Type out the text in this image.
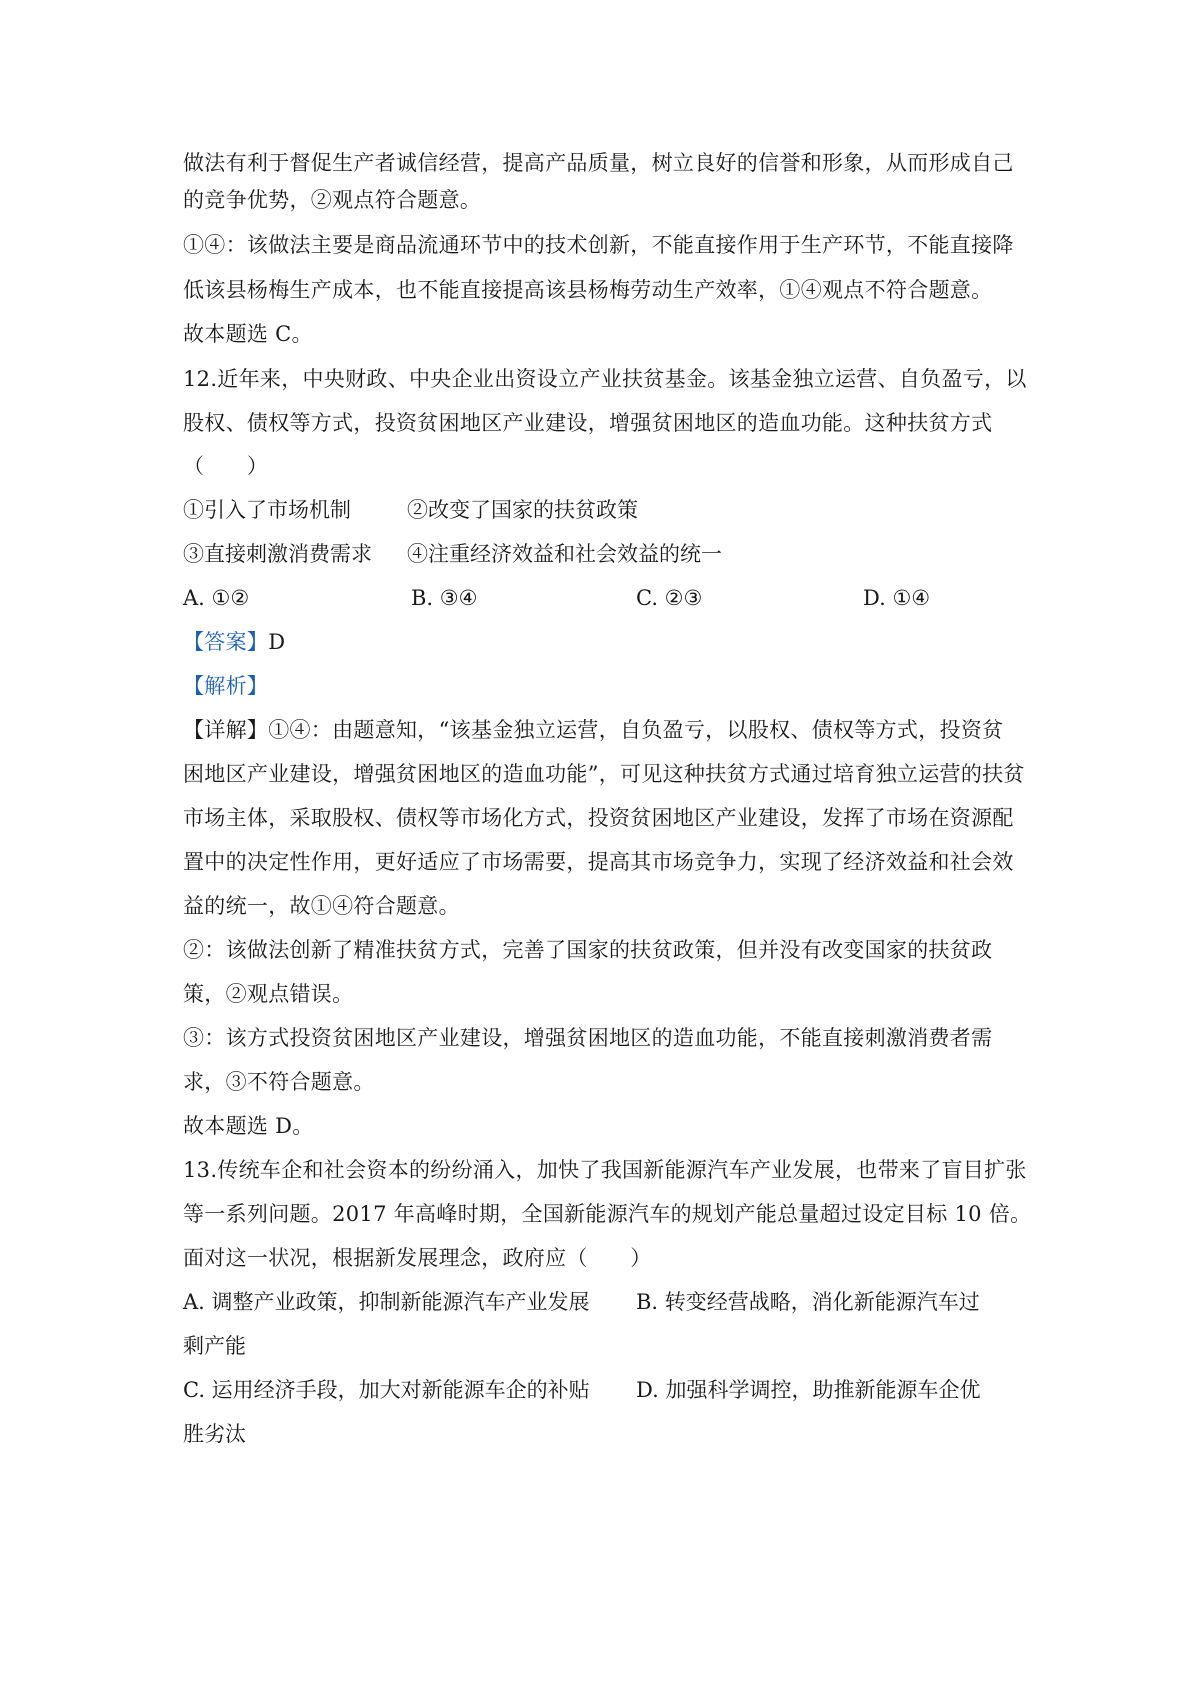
做法有利于督促生产者诚信经营，提高产品质量，树立良好的信誉和形象，从而形成自己
的竞争优势，②观点符合题意。
①④：该做法主要是商品流通环节中的技术创新，不能直接作用于生产环节，不能直接降
低该县杨梅生产成本，也不能直接提高该县杨梅劳动生产效率，①④观点不符合题意。
故本题选 C。
12.近年来，中央财政、中央企业出资设立产业扶贫基金。该基金独立运营、自负盈亏，以
股权、债权等方式，投资贫困地区产业建设，增强贫困地区的造血功能。这种扶贫方式
（　　）
①引入了市场机制	②改变了国家的扶贫政策
③直接刺激消费需求 ④注重经济效益和社会效益的统一
A. ①②	B. ③④	C. ②③	D. ①④
【答案】D
【解析】
【详解】①④：由题意知，“该基金独立运营，自负盈亏，以股权、债权等方式，投资贫
困地区产业建设，增强贫困地区的造血功能”，可见这种扶贫方式通过培育独立运营的扶贫
市场主体，采取股权、债权等市场化方式，投资贫困地区产业建设，发挥了市场在资源配
置中的决定性作用，更好适应了市场需要，提高其市场竞争力，实现了经济效益和社会效
益的统一，故①④符合题意。
②：该做法创新了精准扶贫方式，完善了国家的扶贫政策，但并没有改变国家的扶贫政
策，②观点错误。
③：该方式投资贫困地区产业建设，增强贫困地区的造血功能，不能直接刺激消费者需
求，③不符合题意。
故本题选 D。
13.传统车企和社会资本的纷纷涌入，加快了我国新能源汽车产业发展，也带来了盲目扩张
等一系列问题。2017 年高峰时期，全国新能源汽车的规划产能总量超过设定目标 10 倍。
面对这一状况，根据新发展理念，政府应（　　）
A. 调整产业政策，抑制新能源汽车产业发展 B. 转变经营战略，消化新能源汽车过
剩产能
C. 运用经济手段，加大对新能源车企的补贴 D. 加强科学调控，助推新能源车企优
胜劣汰
